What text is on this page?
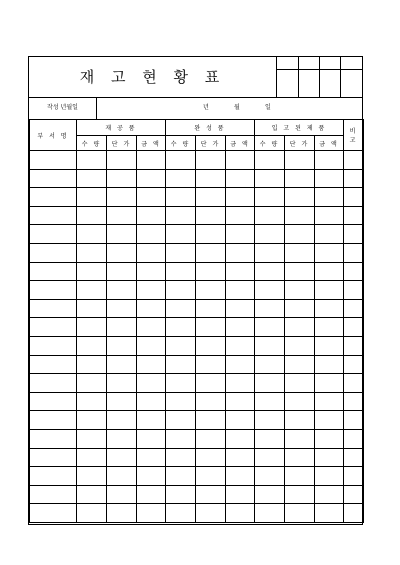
재 고 현 황 표
작성 년월일	년	월	일
부 서 명	재 공 품			완 성 품			입 고 된 제 품			비 고
	수 량	단 가	금 액	수 량	단 가	금 액	수 량	단 가	금 액	
